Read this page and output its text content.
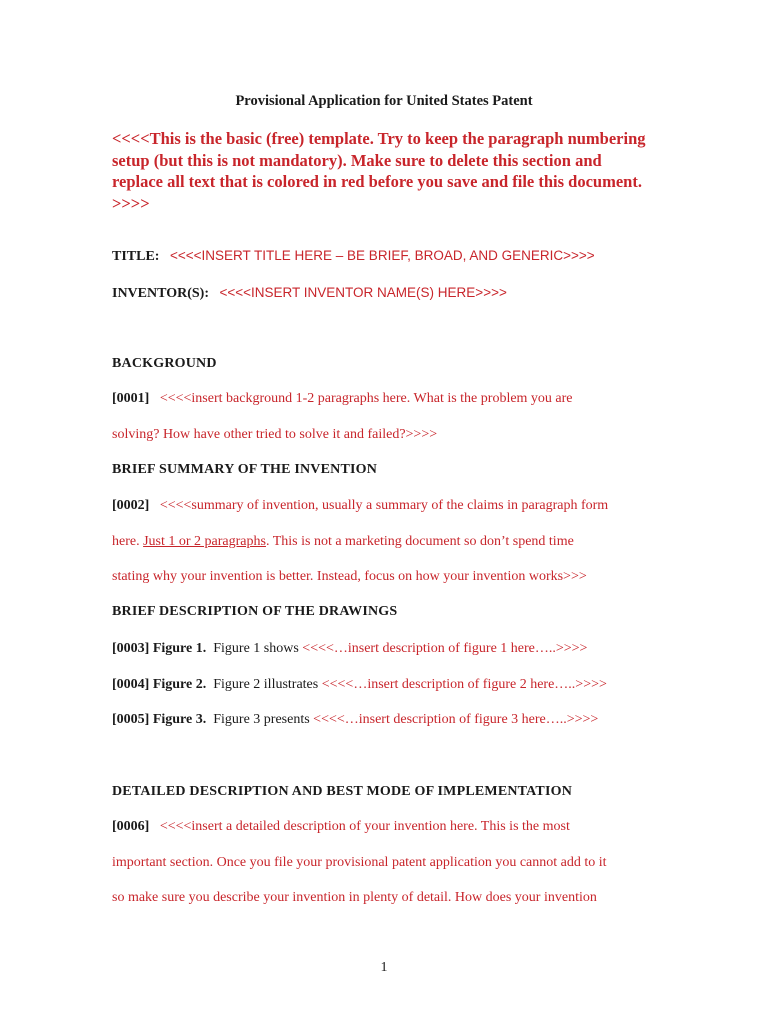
Provisional Application for United States Patent
<<<<This is the basic (free) template. Try to keep the paragraph numbering
setup (but this is not mandatory). Make sure to delete this section and
replace all text that is colored in red before you save and file this document.
>>>>
TITLE: <<<<INSERT TITLE HERE – BE BRIEF, BROAD, AND GENERIC>>>>
INVENTOR(S): <<<<INSERT INVENTOR NAME(S) HERE>>>>
BACKGROUND
[0001] <<<<insert background 1-2 paragraphs here. What is the problem you are
solving? How have other tried to solve it and failed?>>>>
BRIEF SUMMARY OF THE INVENTION
[0002] <<<<summary of invention, usually a summary of the claims in paragraph form
here. Just 1 or 2 paragraphs. This is not a marketing document so don’t spend time
stating why your invention is better. Instead, focus on how your invention works>>>
BRIEF DESCRIPTION OF THE DRAWINGS
[0003] Figure 1. Figure 1 shows <<<<…insert description of figure 1 here…..>>>>
[0004] Figure 2. Figure 2 illustrates <<<<…insert description of figure 2 here…..>>>>
[0005] Figure 3. Figure 3 presents <<<<…insert description of figure 3 here…..>>>>
DETAILED DESCRIPTION AND BEST MODE OF IMPLEMENTATION
[0006] <<<<insert a detailed description of your invention here. This is the most
important section. Once you file your provisional patent application you cannot add to it
so make sure you describe your invention in plenty of detail. How does your invention
1
